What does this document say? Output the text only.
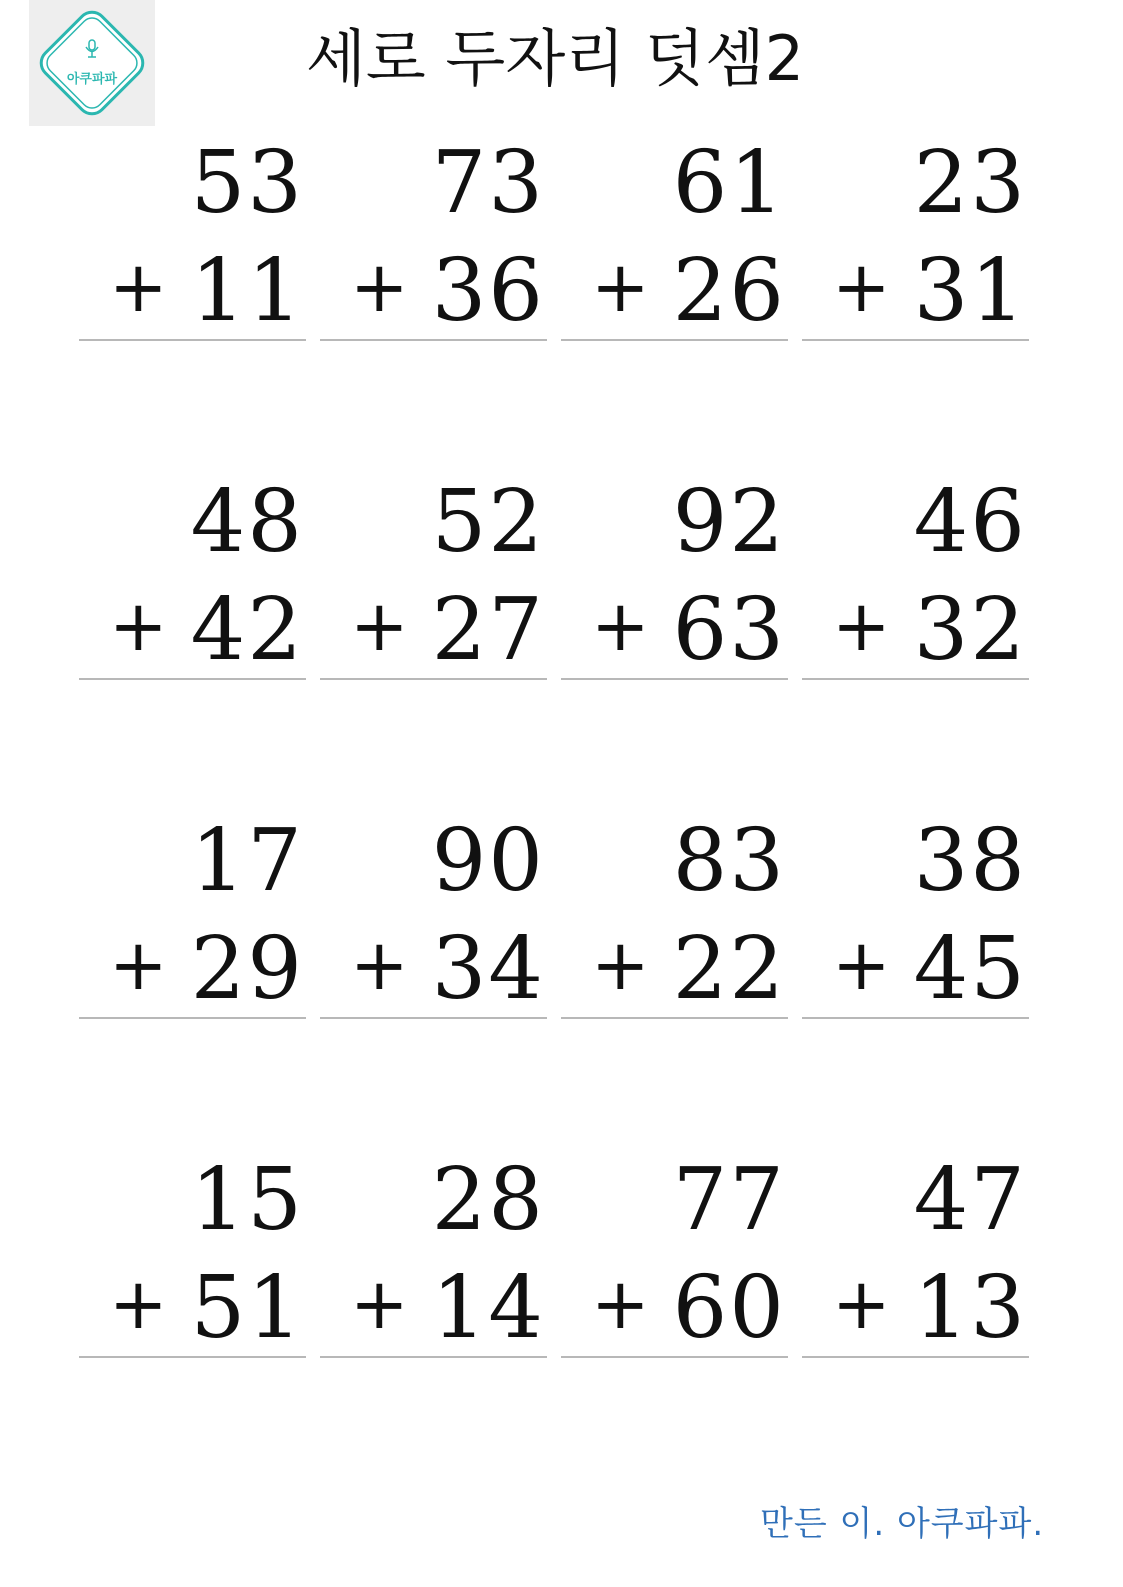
아쿠파파	세로 두자리 덧셈2
53
+ 11
73
+ 36
61
+ 26
23
+ 31
48
+ 42
52
+ 27
92
+ 63
46
+ 32
17
+ 29
90
+ 34
83
+ 22
38
+ 45
15
+ 51
28
+ 14
77
+ 60
47
+ 13
만든 이. 아쿠파파.
